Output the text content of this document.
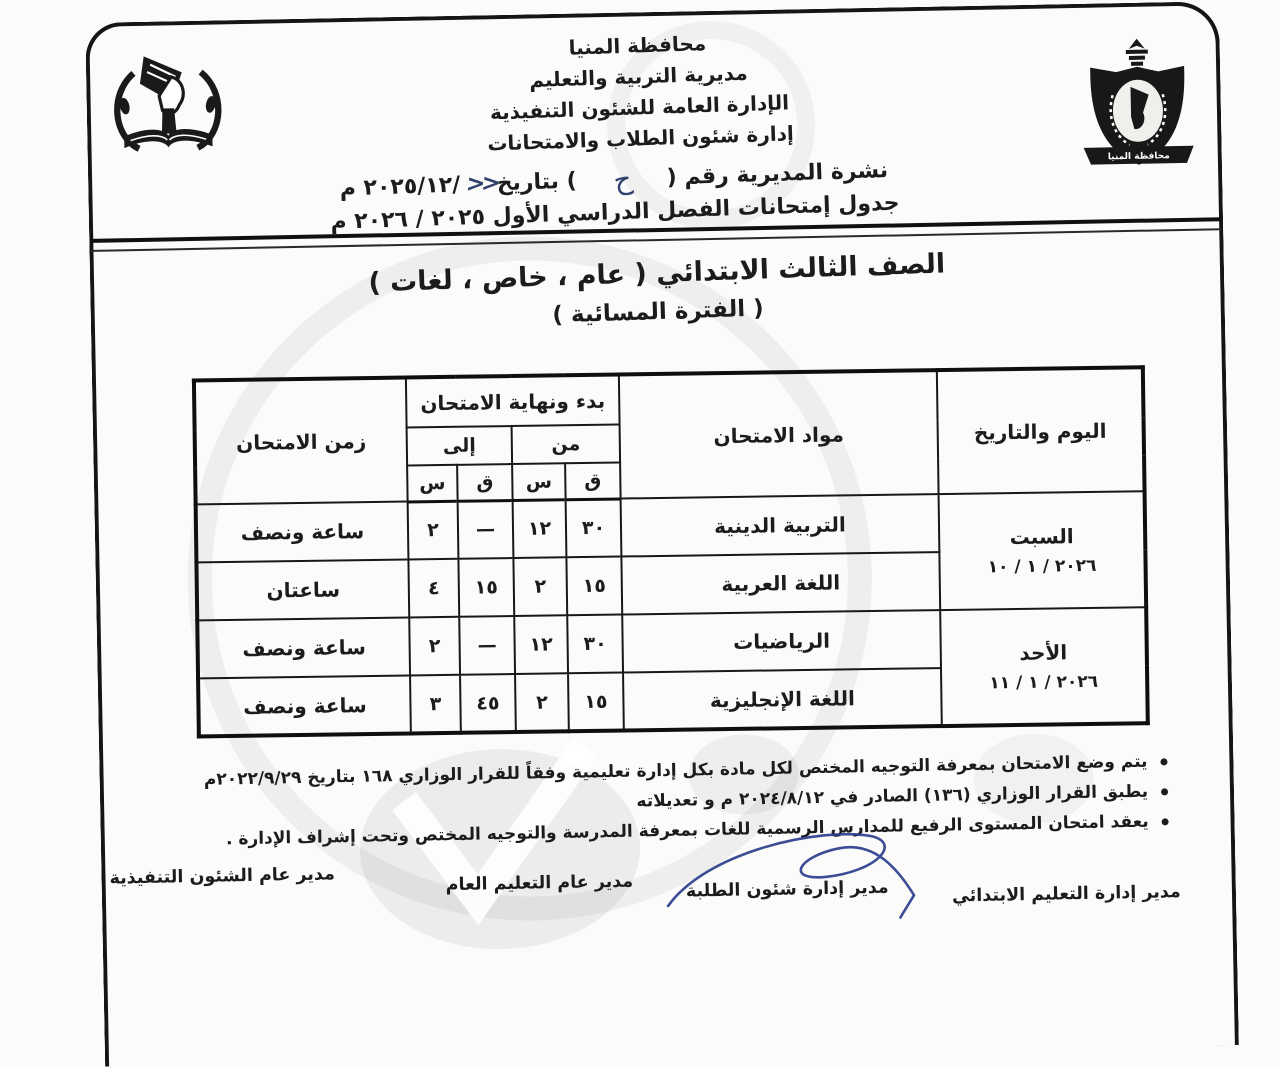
محافظة المنيا
محافظة المنيا
مديرية التربية والتعليم
الإدارة العامة للشئون التنفيذية
إدارة شئون الطلاب والامتحانات
نشرة المديرية رقم (ح) بتاريخ<<٢٠٢٥/١٢/ م
جدول إمتحانات الفصل الدراسي الأول ٢٠٢٥ / ٢٠٢٦ م
الصف الثالث الابتدائي ( عام ، خاص ، لغات )
( الفترة المسائية )
اليوم والتاريخ	مواد الامتحان	بدء ونهاية الامتحان				زمن الامتحان
		من		إلى		
		ق	س	ق	س	

السبت
٢٠٢٦ / ١ / ١٠	التربية الدينية	٣٠	١٢	—	٢	ساعة ونصف
	اللغة العربية	١٥	٢	١٥	٤	ساعتان

الأحد
٢٠٢٦ / ١ / ١١	الرياضيات	٣٠	١٢	—	٢	ساعة ونصف
	اللغة الإنجليزية	١٥	٢	٤٥	٣	ساعة ونصف
يتم وضع الامتحان بمعرفة التوجيه المختص لكل مادة بكل إدارة تعليمية وفقاً للقرار الوزاري ١٦٨ بتاريخ ٢٠٢٢/٩/٢٩م
يطبق القرار الوزاري (١٣٦) الصادر في ٢٠٢٤/٨/١٢ م و تعديلاته
يعقد امتحان المستوى الرفيع للمدارس الرسمية للغات بمعرفة المدرسة والتوجيه المختص وتحت إشراف الإدارة .
مدير إدارة التعليم الابتدائي
مدير إدارة شئون الطلبة
مدير عام التعليم العام
مدير عام الشئون التنفيذية
